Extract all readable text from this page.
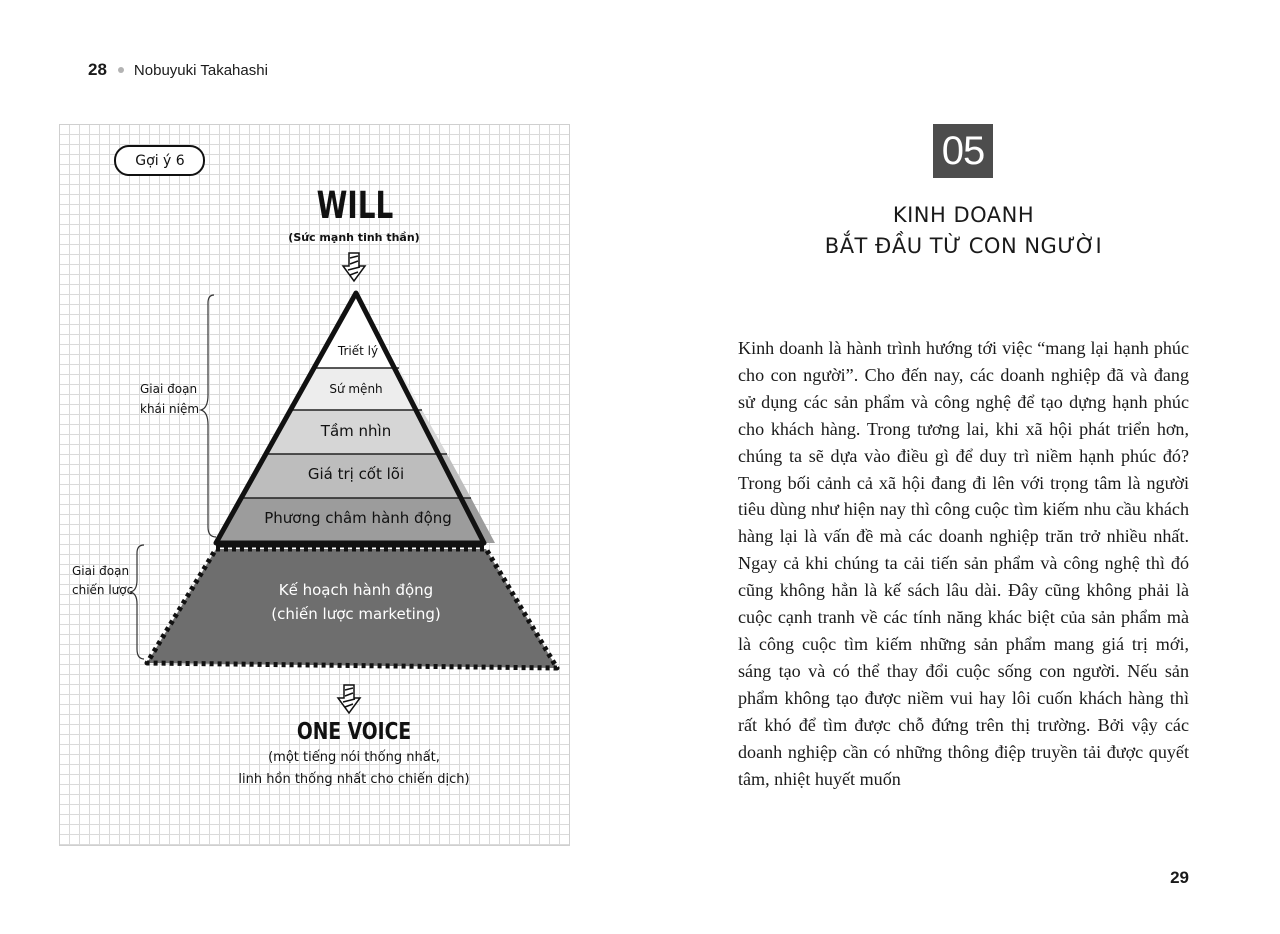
28 Nobuyuki Takahashi
Gợi ý 6
WILL
(Sức mạnh tinh thần)
Triết lý
Sứ mệnh
Tầm nhìn
Giá trị cốt lõi
Phương châm hành động
Kế hoạch hành động
(chiến lược marketing)
Giai đoạn
khái niệm
Giai đoạn
chiến lược
ONE VOICE
(một tiếng nói thống nhất,
linh hồn thống nhất cho chiến dịch)
05
KINH DOANH
BẮT ĐẦU TỪ CON NGƯỜI

Kinh doanh là hành trình hướng tới việc “mang lại hạnh phúc cho con người”. Cho đến nay, các doanh nghiệp đã và đang sử dụng các sản phẩm và công nghệ để tạo dựng hạnh phúc cho khách hàng. Trong tương lai, khi xã hội phát triển hơn, chúng ta sẽ dựa vào điều gì để duy trì niềm hạnh phúc đó? Trong bối cảnh cả xã hội đang đi lên với trọng tâm là người tiêu dùng như hiện nay thì công cuộc tìm kiếm nhu cầu khách hàng lại là vấn đề mà các doanh nghiệp trăn trở nhiều nhất. Ngay cả khi chúng ta cải tiến sản phẩm và công nghệ thì đó cũng không hẳn là kế sách lâu dài. Đây cũng không phải là cuộc cạnh tranh về các tính năng khác biệt của sản phẩm mà là công cuộc tìm kiếm những sản phẩm mang giá trị mới, sáng tạo và có thể thay đổi cuộc sống con người. Nếu sản phẩm không tạo được niềm vui hay lôi cuốn khách hàng thì rất khó để tìm được chỗ đứng trên thị trường. Bởi vậy các doanh nghiệp cần có những thông điệp truyền tải được quyết tâm, nhiệt huyết muốn

29
